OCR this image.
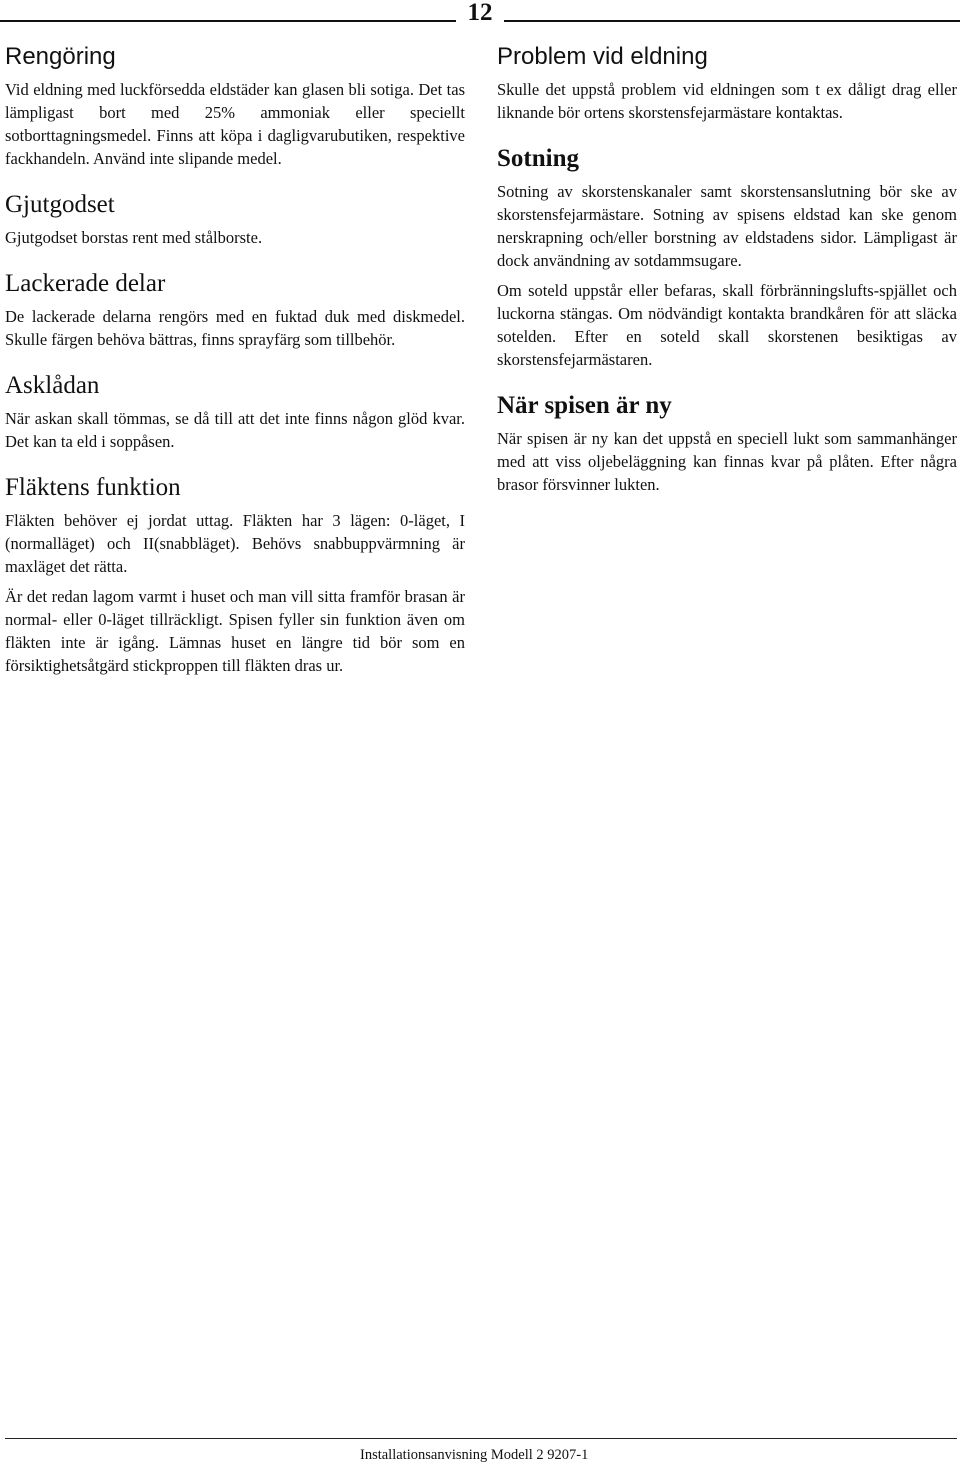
12
Rengöring

Vid eldning med luckförsedda eldstäder kan glasen bli sotiga. Det tas lämpligast bort med 25% ammoniak eller speciellt sotborttagningsmedel. Finns att köpa i dagligvarubutiken, respektive fackhandeln. Använd inte slipande medel.

Gjutgodset

Gjutgodset borstas rent med stålborste.

Lackerade delar

De lackerade delarna rengörs med en fuktad duk med diskmedel. Skulle färgen behöva bättras, finns sprayfärg som tillbehör.

Asklådan

När askan skall tömmas, se då till att det inte finns någon glöd kvar. Det kan ta eld i soppåsen.

Fläktens funktion

Fläkten behöver ej jordat uttag. Fläkten har 3 lägen: 0-läget, I (normalläget) och II(snabbläget). Behövs snabbuppvärmning är maxläget det rätta.

Är det redan lagom varmt i huset och man vill sitta framför brasan är normal- eller 0-läget tillräckligt. Spisen fyller sin funktion även om fläkten inte är igång. Lämnas huset en längre tid bör som en försiktighetsåtgärd stickproppen till fläkten dras ur.

Problem vid eldning

Skulle det uppstå problem vid eldningen som t ex dåligt drag eller liknande bör ortens skorstensfejarmästare kontaktas.

Sotning

Sotning av skorstenskanaler samt skorstensanslutning bör ske av skorstensfejarmästare. Sotning av spisens eldstad kan ske genom nerskrapning och/eller borstning av eldstadens sidor. Lämpligast är dock användning av sotdammsugare.

Om soteld uppstår eller befaras, skall förbränningslufts-spjället och luckorna stängas. Om nödvändigt kontakta brandkåren för att släcka sotelden. Efter en soteld skall skorstenen besiktigas av skorstensfejarmästaren.

När spisen är ny

När spisen är ny kan det uppstå en speciell lukt som sammanhänger med att viss oljebeläggning kan finnas kvar på plåten. Efter några brasor försvinner lukten.

Installationsanvisning Modell 2 9207-1
